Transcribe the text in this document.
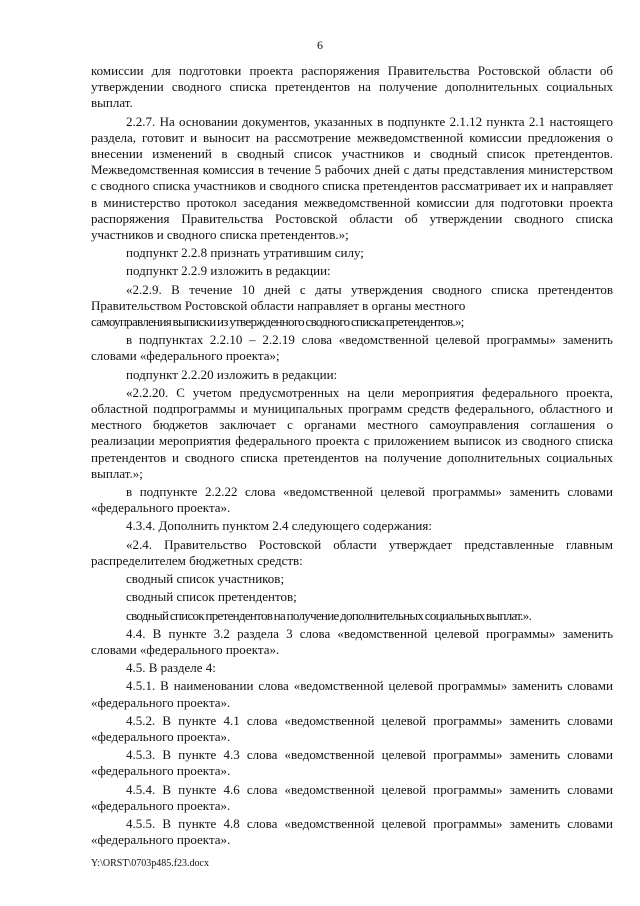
6

комиссии для подготовки проекта распоряжения Правительства Ростовской области об утверждении сводного списка претендентов на получение дополнительных социальных выплат.

2.2.7. На основании документов, указанных в подпункте 2.1.12 пункта 2.1 настоящего раздела, готовит и выносит на рассмотрение межведомственной комиссии предложения о внесении изменений в сводный список участников и сводный список претендентов. Межведомственная комиссия в течение 5 рабочих дней с даты представления министерством с сводного списка участников и сводного списка претендентов рассматривает их и направляет в министерство протокол заседания межведомственной комиссии для подготовки проекта распоряжения Правительства Ростовской области об утверждении сводного списка участников и сводного списка претендентов.»;

подпункт 2.2.8 признать утратившим силу;

подпункт 2.2.9 изложить в редакции:

«2.2.9. В течение 10 дней с даты утверждения сводного списка претендентов Правительством Ростовской области направляет в органы местного

самоуправления выписки из утвержденного сводного списка претендентов.»;

в подпунктах 2.2.10 – 2.2.19 слова «ведомственной целевой программы» заменить словами «федерального проекта»;

подпункт 2.2.20 изложить в редакции:

«2.2.20. С учетом предусмотренных на цели мероприятия федерального проекта, областной подпрограммы и муниципальных программ средств федерального, областного и местного бюджетов заключает с органами местного самоуправления соглашения о реализации мероприятия федерального проекта с приложением выписок из сводного списка претендентов и сводного списка претендентов на получение дополнительных социальных выплат.»;

в подпункте 2.2.22 слова «ведомственной целевой программы» заменить словами «федерального проекта».

4.3.4. Дополнить пунктом 2.4 следующего содержания:

«2.4. Правительство Ростовской области утверждает представленные главным распределителем бюджетных средств:

сводный список участников;

сводный список претендентов;

сводный список претендентов на получение дополнительных социальных выплат.».

4.4. В пункте 3.2 раздела 3 слова «ведомственной целевой программы» заменить словами «федерального проекта».

4.5. В разделе 4:

4.5.1. В наименовании слова «ведомственной целевой программы» заменить словами «федерального проекта».

4.5.2. В пункте 4.1 слова «ведомственной целевой программы» заменить словами «федерального проекта».

4.5.3. В пункте 4.3 слова «ведомственной целевой программы» заменить словами «федерального проекта».

4.5.4. В пункте 4.6 слова «ведомственной целевой программы» заменить словами «федерального проекта».

4.5.5. В пункте 4.8 слова «ведомственной целевой программы» заменить словами «федерального проекта».

Y:\ORST\0703p485.f23.docx
